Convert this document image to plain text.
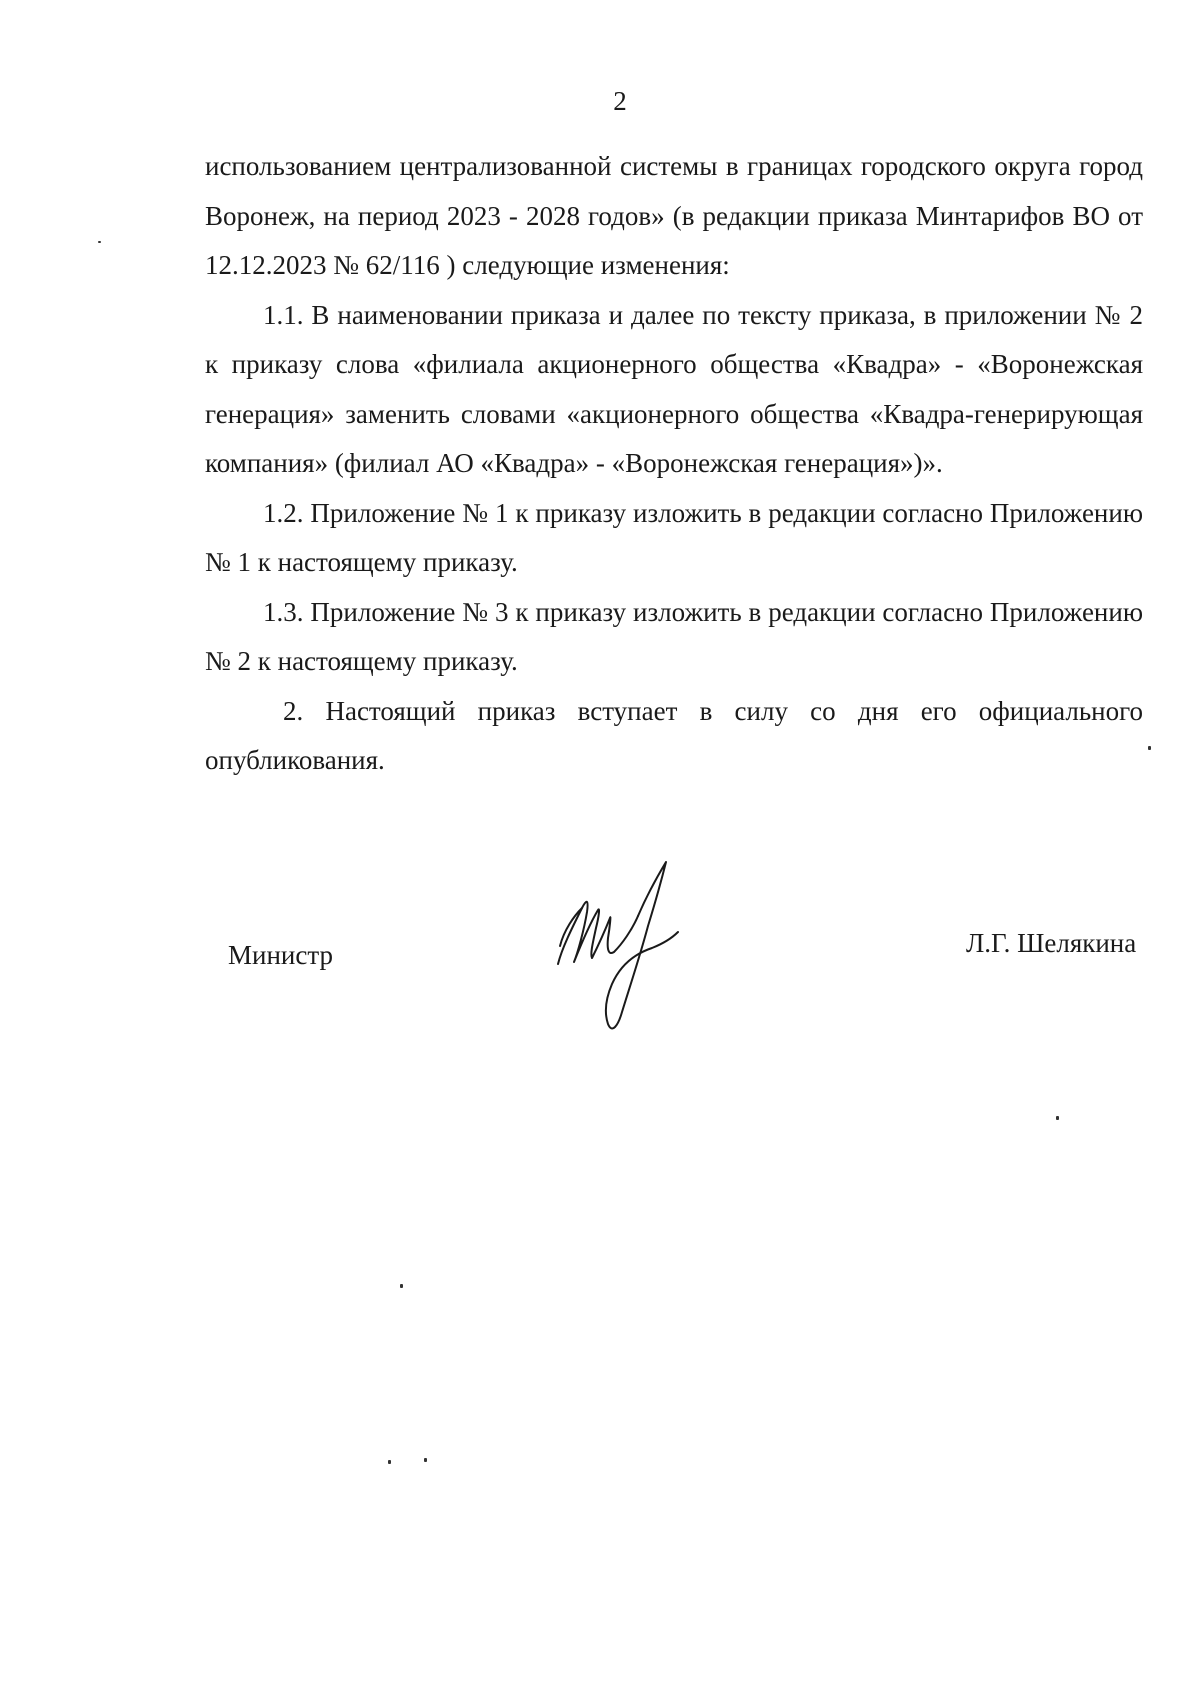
2

использованием централизованной системы в границах городского округа город Воронеж, на период 2023 - 2028 годов» (в редакции приказа Минтарифов ВО от 12.12.2023 № 62/116 ) следующие изменения:

1.1. В наименовании приказа и далее по тексту приказа, в приложении № 2 к приказу слова «филиала акционерного общества «Квадра» - «Воронежская генерация» заменить словами «акционерного общества «Квадра-генерирующая компания» (филиал АО «Квадра» - «Воронежская генерация»)».

1.2. Приложение № 1 к приказу изложить в редакции согласно Приложению № 1 к настоящему приказу.

1.3. Приложение № 3 к приказу изложить в редакции согласно Приложению № 2 к настоящему приказу.

2. Настоящий приказ вступает в силу со дня его официального опубликования.

Министр	Л.Г. Шелякина
